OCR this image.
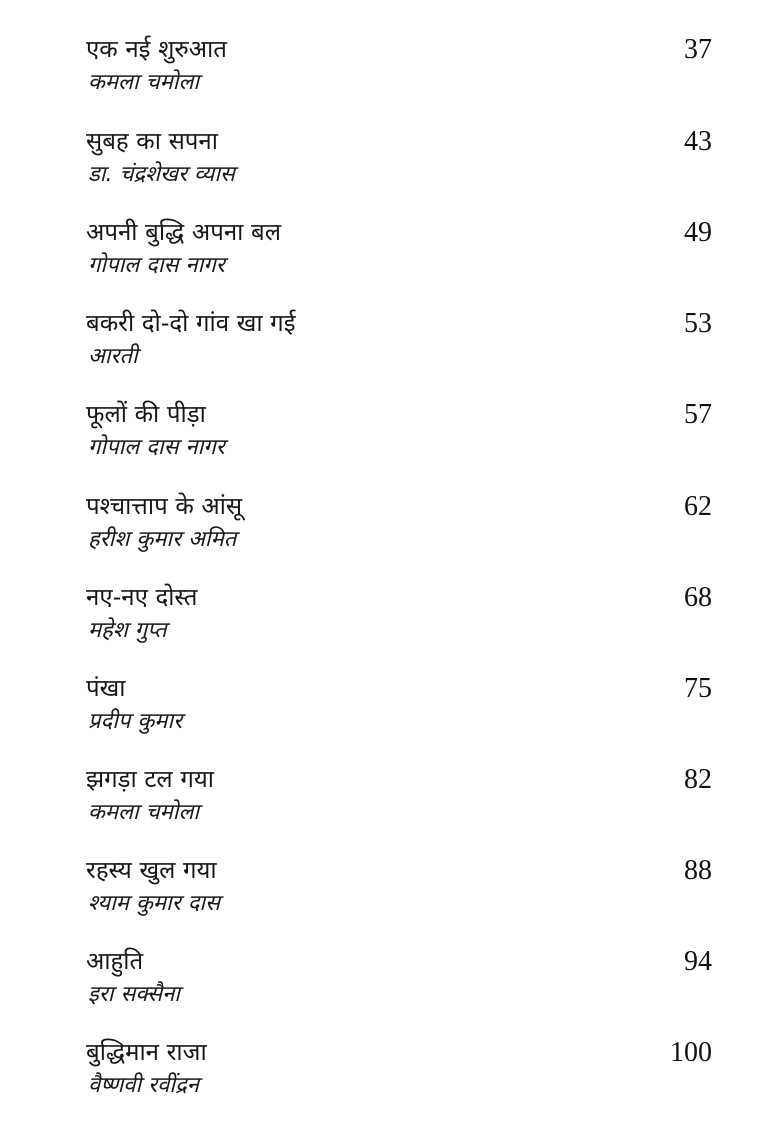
एक नई शुरुआत
कमला चमोला
37
सुबह का सपना
डा. चंद्रशेखर व्यास
43
अपनी बुद्धि अपना बल
गोपाल दास नागर
49
बकरी दो-दो गांव खा गई
आरती
53
फूलों की पीड़ा
गोपाल दास नागर
57
पश्चात्ताप के आंसू
हरीश कुमार अमित
62
नए-नए दोस्त
महेश गुप्त
68
पंखा
प्रदीप कुमार
75
झगड़ा टल गया
कमला चमोला
82
रहस्य खुल गया
श्याम कुमार दास
88
आहुति
इरा सक्सैना
94
बुद्धिमान राजा
वैष्णवी रवींद्रन
100
